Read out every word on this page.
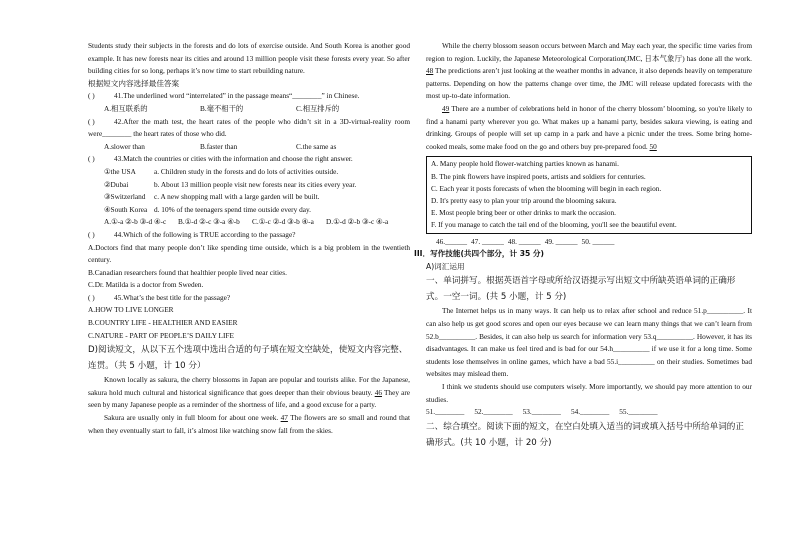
Students study their subjects in the forests and do lots of exercise outside. And South Korea is another good example. It has new forests near its cities and around 13 million people visit these forests every year. So after building cities for so long, perhaps it’s now time to start rebuilding nature.

根据短文内容选择最佳答案

( )	41.The underlined word “interrelated” in the passage means“________” in Chinese.

A.相互联系的	B.毫不相干的	C.相互排斥的

( )	42.After the math test, the heart rates of the people who didn’t sit in a 3D-virtual-reality room were________ the heart rates of those who did.

A.slower than	B.faster than	C.the same as

( )	43.Match the countries or cities with the information and choose the right answer.

①the USA a. Children study in the forests and do lots of activities outside.

②Dubai	b. About 13 million people visit new forests near its cities every year.

③Switzerland c. A new shopping mall with a large garden will be built.

④South Korea d. 10% of the teenagers spend time outside every day.

A.①-a ②-b ③-d ④-c B.①-d ②-c ③-a ④-b C.①-c ②-d ③-b ④-a D.①-d ②-b ③-c ④-a

( )	44.Which of the following is TRUE according to the passage?

A.Doctors find that many people don’t like spending time outside, which is a big problem in the twentieth century.

B.Canadian researchers found that healthier people lived near cities.

C.Dr. Matilda is a doctor from Sweden.

( )	45.What’s the best title for the passage?

A.HOW TO LIVE LONGER

B.COUNTRY LIFE - HEALTHIER AND EASIER

C.NATURE - PART OF PEOPLE’S DAILY LIFE

D)阅读短文，从以下五个选项中选出合适的句子填在短文空缺处，使短文内容完整、连贯。（共 5 小题，计 10 分）

Known locally as sakura, the cherry blossoms in Japan are popular and tourists alike. For the Japanese, sakura hold much cultural and historical significance that goes deeper than their obvious beauty. 46 They are seen by many Japanese people as a reminder of the shortness of life, and a good excuse for a party.

Sakura are usually only in full bloom for about one week. 47 The flowers are so small and round that when they eventually start to fall, it’s almost like watching snow fall from the skies.

While the cherry blossom season occurs between March and May each year, the specific time varies from region to region. Luckily, the Japanese Meteorological Corporation(JMC, 日本气象厅) has done all the work. 48 The predictions aren’t just looking at the weather months in advance, it also depends heavily on temperature patterns. Depending on how the patterns change over time, the JMC will release updated forecasts with the most up-to-date information.

49 There are a number of celebrations held in honor of the cherry blossom’ blooming, so you're likely to find a hanami party wherever you go. What makes up a hanami party, besides sakura viewing, is eating and drinking. Groups of people will set up camp in a park and have a picnic under the trees. Some bring home-cooked meals, some make food on the go and others buy pre-prepared food. 50

A. Many people hold flower-watching parties known as hanami.

B. The pink flowers have inspired poets, artists and soldiers for centuries.

C. Each year it posts forecasts of when the blooming will begin in each region.

D. It's pretty easy to plan your trip around the blooming sakura.

E. Most people bring beer or other drinks to mark the occasion.

F. If you manage to catch the tail end of the blooming, you'll see the beautiful event.

46.______ 47. ______ 48. ______ 49. ______ 50. ______

III．写作技能(共四个部分，计 35 分)

A)词汇运用

一、单词拼写。根据英语首字母或所给汉语提示写出短文中所缺英语单词的正确形式。一空一词。(共 5 小题，计 5 分)

The Internet helps us in many ways. It can help us to relax after school and reduce 51.p__________. It can also help us get good scores and open our eyes because we can learn many things that we can’t learn from 52.b__________. Besides, it can also help us search for information very 53.q__________. However, it has its disadvantages. It can make us feel tired and is bad for our 54.h__________ if we use it for a long time. Some students lose themselves in online games, which have a bad 55.i__________ on their studies. Sometimes bad websites may mislead them.

I think we students should use computers wisely. More importantly, we should pay more attention to our studies.

51.________ 52.________ 53.________ 54.________ 55.________

二、综合填空。阅读下面的短文，在空白处填入适当的词或填入括号中所给单词的正确形式。(共 10 小题，计 20 分)
